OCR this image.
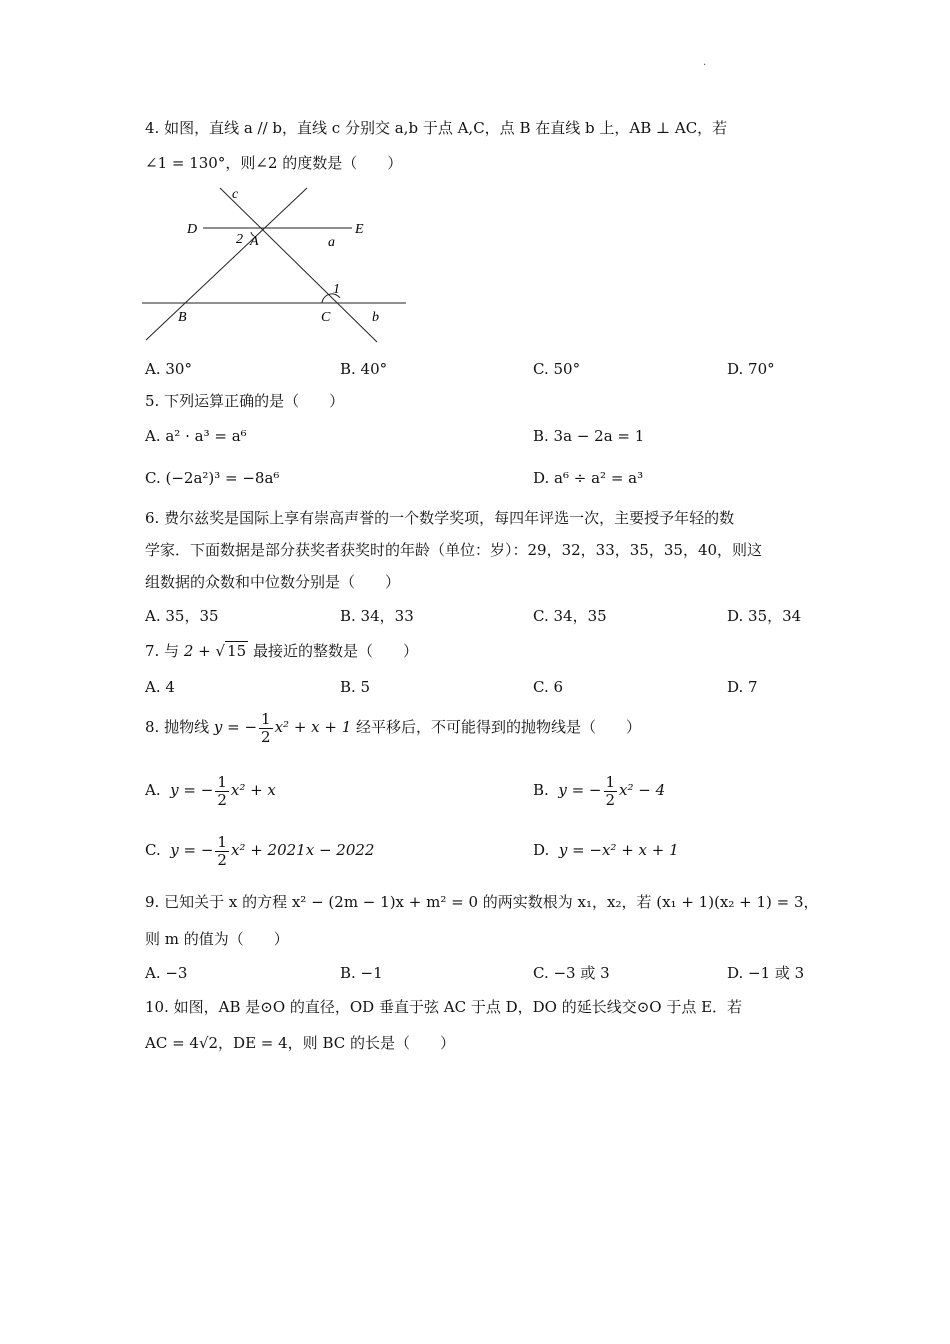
·
4. 如图，直线 a // b，直线 c 分别交 a,b 于点 A,C，点 B 在直线 b 上，AB ⊥ AC，若
∠1 = 130°，则∠2 的度数是（　　）
c
D
2 A	a
E
1
B	C	b
A. 30°	B. 40°	C. 50°	D. 70°
5. 下列运算正确的是（　　）
A. a² · a³ = a⁶	B. 3a − 2a = 1
C. (−2a²)³ = −8a⁶	D. a⁶ ÷ a² = a³
6. 费尔兹奖是国际上享有崇高声誉的一个数学奖项，每四年评选一次，主要授予年轻的数
学家．下面数据是部分获奖者获奖时的年龄（单位：岁）：29，32，33，35，35，40，则这
组数据的众数和中位数分别是（　　）
A. 35，35	B. 34，33	C. 34，35	D. 35，34
7. 与 2 + √ 15 最接近的整数是（　　）
A. 4	B. 5	C. 6	D. 7
8. 抛物线 y = − $\frac{1}{2} x^2 + x + 1$ 经平移后，不可能得到的抛物线是（　　）
A. y = − $\frac{1}{2} x^2 + x$	B. y = − $\frac{1}{2} x^2 - 4$
C. y = − $\frac{1}{2} x^2 + 2021x - 2022$	D. y = −x² + x + 1
9. 已知关于 x 的方程 x² − (2m − 1)x + m² = 0 的两实数根为 x₁，x₂，若 (x₁ + 1)(x₂ + 1) = 3，
则 m 的值为（　　）
A. −3	B. −1	C. −3 或 3	D. −1 或 3
10. 如图，AB 是⊙O 的直径，OD 垂直于弦 AC 于点 D，DO 的延长线交⊙O 于点 E．若
AC = 4√2，DE = 4，则 BC 的长是（　　）
